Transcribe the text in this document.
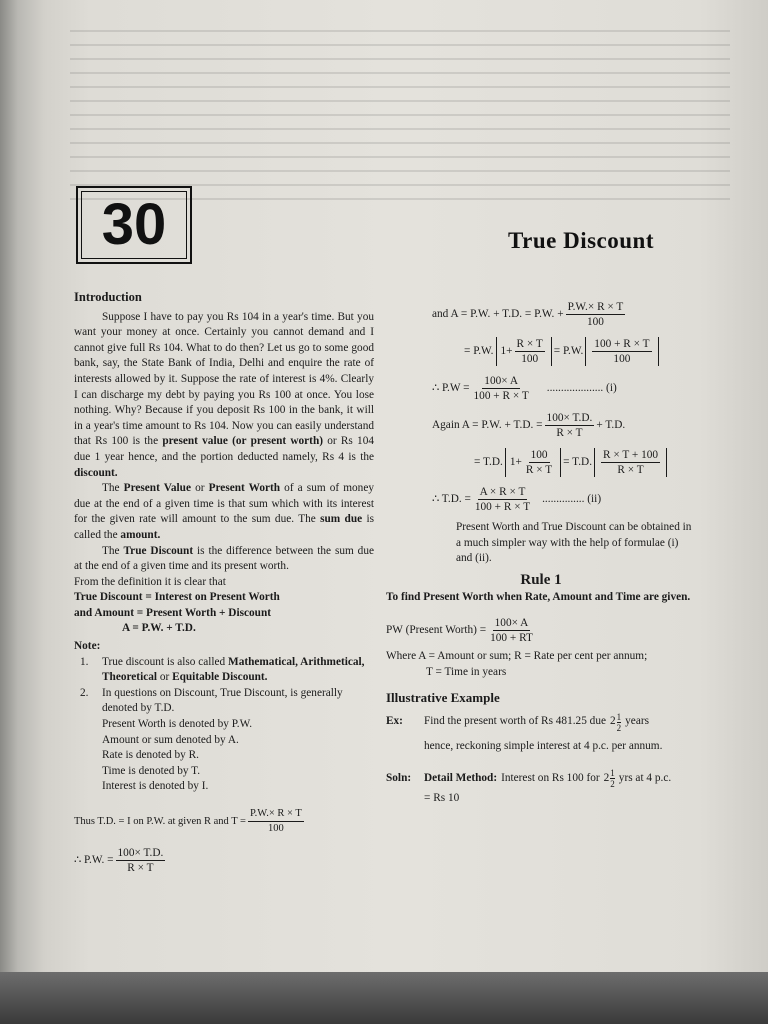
30	True Discount
Introduction

Suppose I have to pay you Rs 104 in a year's time. But you want your money at once. Certainly you cannot demand and I cannot give full Rs 104. What to do then? Let us go to some good bank, say, the State Bank of India, Delhi and enquire the rate of interests allowed by it. Suppose the rate of interest is 4%. Clearly I can discharge my debt by paying you Rs 100 at once. You lose nothing. Why? Because if you deposit Rs 100 in the bank, it will in a year's time amount to Rs 104. Now you can easily understand that Rs 100 is the present value (or present worth) or Rs 104 due 1 year hence, and the portion deducted namely, Rs 4 is the discount.

The Present Value or Present Worth of a sum of money due at the end of a given time is that sum which with its interest for the given rate will amount to the sum due. The sum due is called the amount.

The True Discount is the difference between the sum due at the end of a given time and its present worth.

From the definition it is clear that

True Discount = Interest on Present Worth

and Amount = Present Worth + Discount

A = P.W. + T.D.

Note:

1. True discount is also called Mathematical, Arithmetical, Theoretical or Equitable Discount.
2. In questions on Discount, True Discount, is generally denoted by T.D.
Present Worth is denoted by P.W.
Amount or sum denoted by A.
Rate is denoted by R.
Time is denoted by T.
Interest is denoted by I.
Thus T.D. = I on P.W. at given R and $T = \frac{P.W.\times R \times T}{100}$
∴ P.W. = $\frac{100\times T.D.}{R \times T}$
and A = P.W. + T.D. = P.W. + $\frac{P.W.\times R \times T}{100}$
= P.W. $1+ \frac{R \times T}{100} = P.W$. $\frac{100 + R \times T}{100}$
∴ $P.W = \frac{100\times A}{100 + R \times T}$ .................... (i)
Again A = P.W. + T.D. = $\frac{100\times T.D.}{R \times T} + T.D$.
= T.D. $1+ \frac{100}{R \times T} = T.D$. $\frac{R \times T + 100}{R \times T}$
∴ T.D. = $\frac{A \times R \times T}{100 + R \times T}$ ............... (ii)

Present Worth and True Discount can be obtained in a much simpler way with the help of formulae (i) and (ii).

Rule 1

To find Present Worth when Rate, Amount and Time are given.

PW (Present Worth) = $\frac{100\times A}{100 + RT}$

Where A = Amount or sum; R = Rate per cent per annum;

T = Time in years

Illustrative Example
Ex:	Find the present worth of Rs 481.25 due 2 1
2
years

hence, reckoning simple interest at 4 p.c. per annum.

Soln:	Detail Method: Interest on Rs 100 for 2 1
2
yrs at 4 p.c.

= Rs 10
